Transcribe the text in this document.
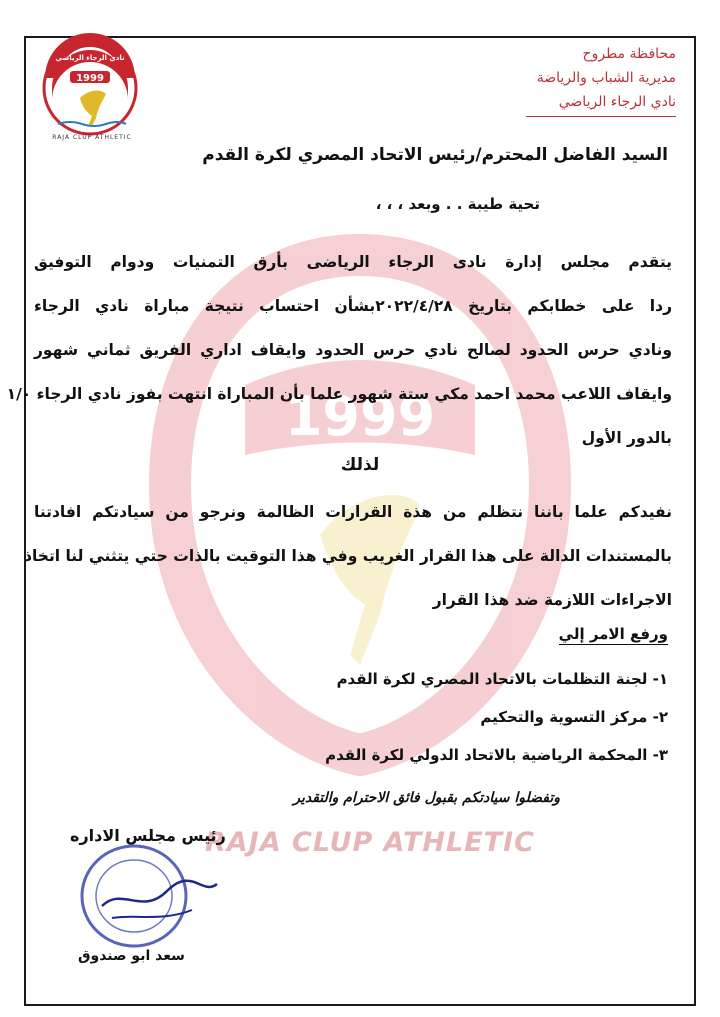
1999
RAJA CLUP ATHLETIC
1999
نادي الرجاء الرياضي
RAJA CLUP ATHLETIC
محافظة مطروح
مديرية الشباب والرياضة
نادي الرجاء الرياضي
السيد الفاضل المحترم/رئيس الاتحاد المصري لكرة القدم
تحية طيبة . . وبعد ، ، ،
يتقدم مجلس إدارة نادى الرجاء الرياضى بأرق التمنيات ودوام التوفيق
ردا على خطابكم بتاريخ ٢٠٢٢/٤/٢٨بشأن احتساب نتيجة مباراة نادي الرجاء
ونادي حرس الحدود لصالح نادي حرس الحدود وايقاف اداري الفريق ثماني شهور
وايقاف اللاعب محمد احمد مكي ستة شهور علما بأن المباراة انتهت بفوز نادي الرجاء ١/٠
بالدور الأول
لذلك
نفيدكم علما باننا نتظلم من هذة القرارات الظالمة ونرجو من سيادتكم افادتنا
بالمستندات الدالة على هذا القرار الغريب وفي هذا التوقيت بالذات حتي يتثني لنا اتخاذ
الاجراءات اللازمة ضد هذا القرار
ورفع الامر إلي
١- لجنة التظلمات بالاتحاد المصري لكرة القدم
٢- مركز التسوية والتحكيم
٣- المحكمة الرياضية بالاتحاد الدولي لكرة القدم
وتفضلوا سيادتكم بقبول فائق الاحترام والتقدير
رئيس مجلس الاداره
سعد ابو صندوق
